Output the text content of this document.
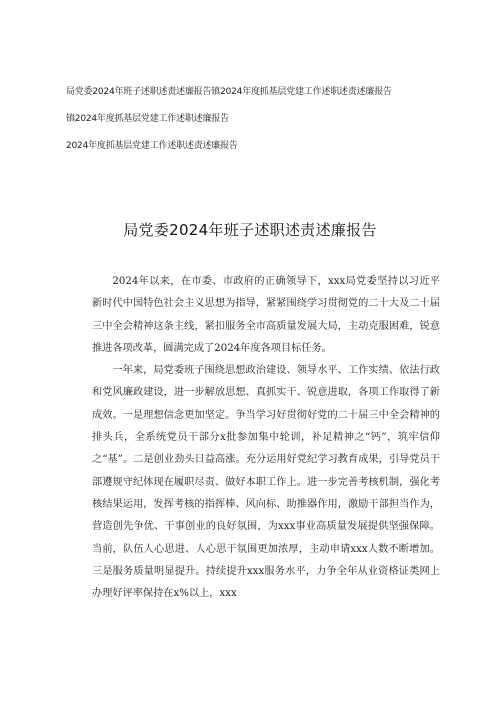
局党委2024年班子述职述责述廉报告镇2024年度抓基层党建工作述职述责述廉报告
镇2024年度抓基层党建工作述职述廉报告
2024年度抓基层党建工作述职述责述廉报告
局党委2024年班子述职述责述廉报告

2024年以来，在市委、市政府的正确领导下，xxx局党委坚持以习近平新时代中国特色社会主义思想为指导，紧紧围绕学习贯彻党的二十大及二十届三中全会精神这条主线，紧扣服务全市高质量发展大局，主动克服困难，锐意推进各项改革，圆满完成了2024年度各项目标任务。

一年来，局党委班子围绕思想政治建设、领导水平、工作实绩、依法行政和党风廉政建设，进一步解放思想、真抓实干、锐意进取，各项工作取得了新成效。一是理想信念更加坚定。争当学习好贯彻好党的二十届三中全会精神的排头兵，全系统党员干部分x批参加集中轮训，补足精神之“钙”，筑牢信仰之“基”。二是创业劲头日益高涨。充分运用好党纪学习教育成果，引导党员干部遵规守纪体现在履职尽责、做好本职工作上。进一步完善考核机制，强化考核结果运用，发挥考核的指挥棒、风向标、助推器作用，激励干部担当作为，营造创先争优、干事创业的良好氛围，为xxx事业高质量发展提供坚强保障。当前，队伍人心思进、人心思干氛围更加浓厚，主动申请xxx人数不断增加。三是服务质量明显提升。持续提升xxx服务水平，力争全年从业资格证类网上办理好评率保持在x%以上，xxx
